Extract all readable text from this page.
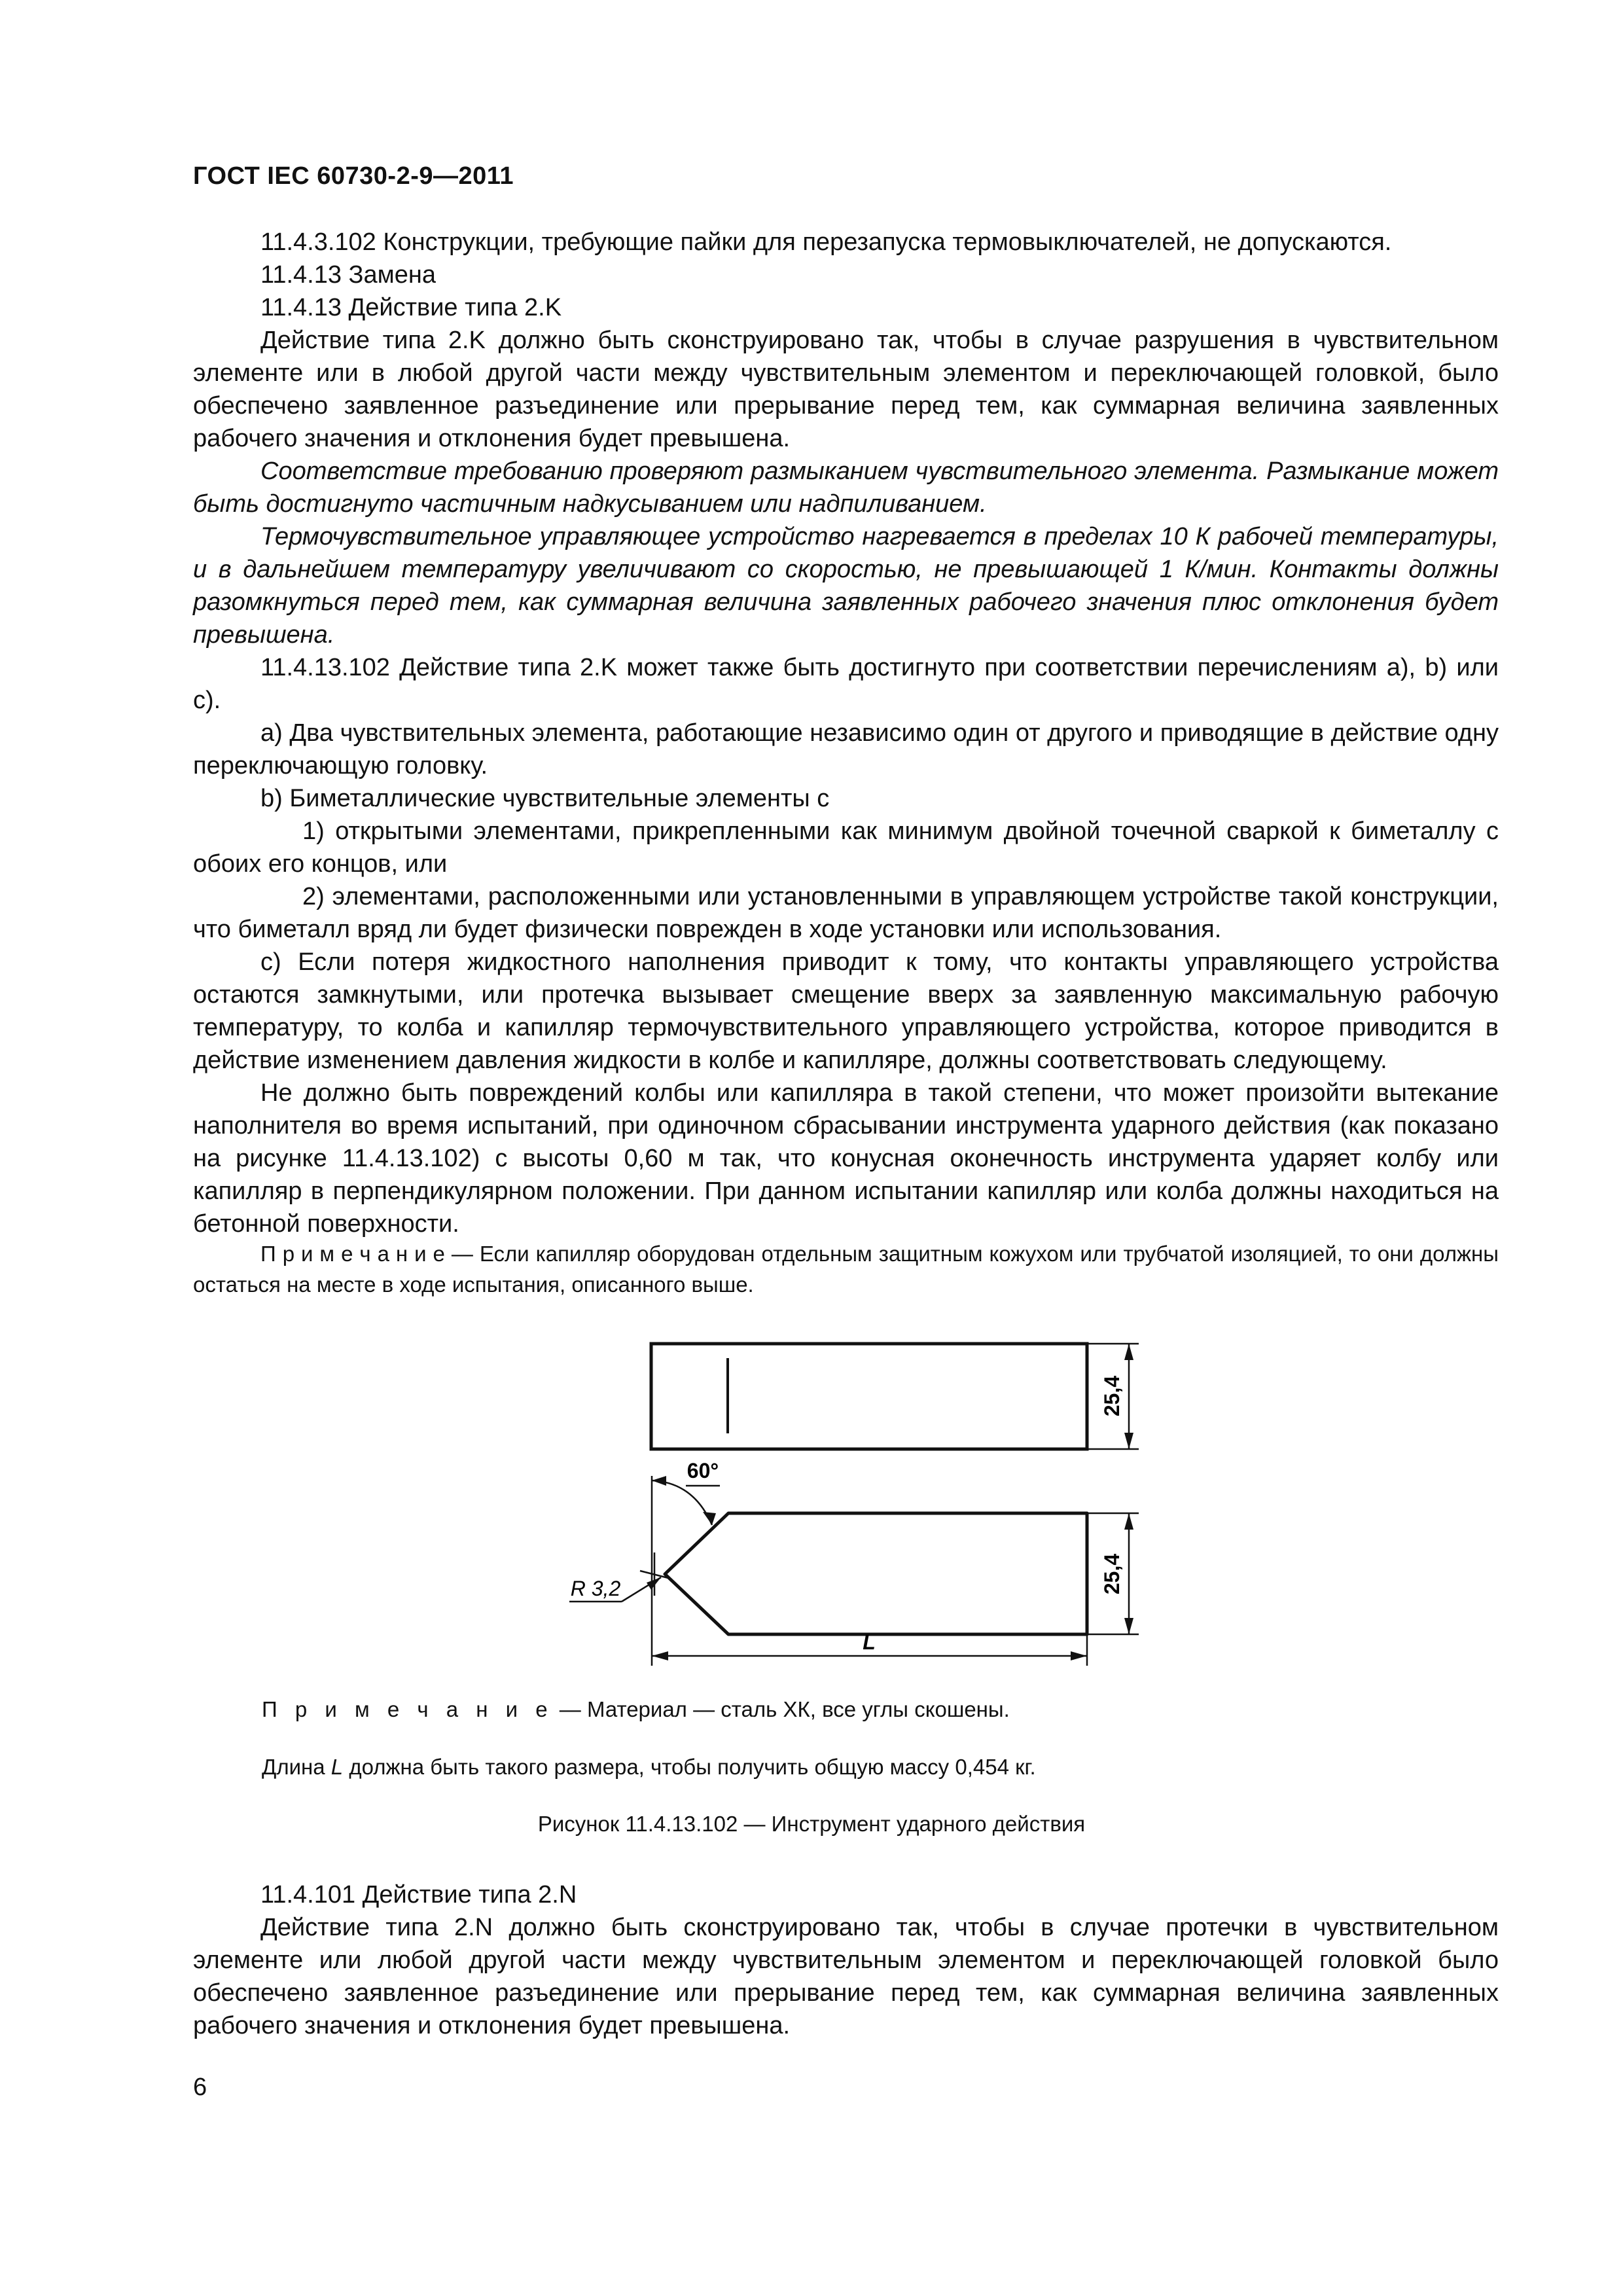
ГОСТ IEC 60730-2-9—2011

11.4.3.102 Конструкции, требующие пайки для перезапуска термовыключателей, не допускаются.

11.4.13 Замена

11.4.13 Действие типа 2.K

Действие типа 2.K должно быть сконструировано так, чтобы в случае разрушения в чувствительном элементе или в любой другой части между чувствительным элементом и переключающей головкой, было обеспечено заявленное разъединение или прерывание перед тем, как суммарная величина заявленных рабочего значения и отклонения будет превышена.

Соответствие требованию проверяют размыканием чувствительного элемента. Размыкание может быть достигнуто частичным надкусыванием или надпиливанием.

Термочувствительное управляющее устройство нагревается в пределах 10 К рабочей температуры, и в дальнейшем температуру увеличивают со скоростью, не превышающей 1 К/мин. Контакты должны разомкнуться перед тем, как суммарная величина заявленных рабочего значения плюс отклонения будет превышена.

11.4.13.102 Действие типа 2.K может также быть достигнуто при соответствии перечислениям a), b) или c).

a) Два чувствительных элемента, работающие независимо один от другого и приводящие в действие одну переключающую головку.

b) Биметаллические чувствительные элементы с

1) открытыми элементами, прикрепленными как минимум двойной точечной сваркой к биметаллу с обоих его концов, или

2) элементами, расположенными или установленными в управляющем устройстве такой конструкции, что биметалл вряд ли будет физически поврежден в ходе установки или использования.

c) Если потеря жидкостного наполнения приводит к тому, что контакты управляющего устройства остаются замкнутыми, или протечка вызывает смещение вверх за заявленную максимальную рабочую температуру, то колба и капилляр термочувствительного управляющего устройства, которое приводится в действие изменением давления жидкости в колбе и капилляре, должны соответствовать следующему.

Не должно быть повреждений колбы или капилляра в такой степени, что может произойти вытекание наполнителя во время испытаний, при одиночном сбрасывании инструмента ударного действия (как показано на рисунке 11.4.13.102) с высоты 0,60 м так, что конусная оконечность инструмента ударяет колбу или капилляр в перпендикулярном положении. При данном испытании капилляр или колба должны находиться на бетонной поверхности.

П р и м е ч а н и е — Если капилляр оборудован отдельным защитным кожухом или трубчатой изоляцией, то они должны остаться на месте в ходе испытания, описанного выше.
25,4
25,4
60°
R 3,2
L
П р и м е ч а н и е — Материал — сталь ХК, все углы скошены.
Длина L должна быть такого размера, чтобы получить общую массу 0,454 кг.
Рисунок 11.4.13.102 — Инструмент ударного действия

11.4.101 Действие типа 2.N

Действие типа 2.N должно быть сконструировано так, чтобы в случае протечки в чувствительном элементе или любой другой части между чувствительным элементом и переключающей головкой было обеспечено заявленное разъединение или прерывание перед тем, как суммарная величина заявленных рабочего значения и отклонения будет превышена.

6
